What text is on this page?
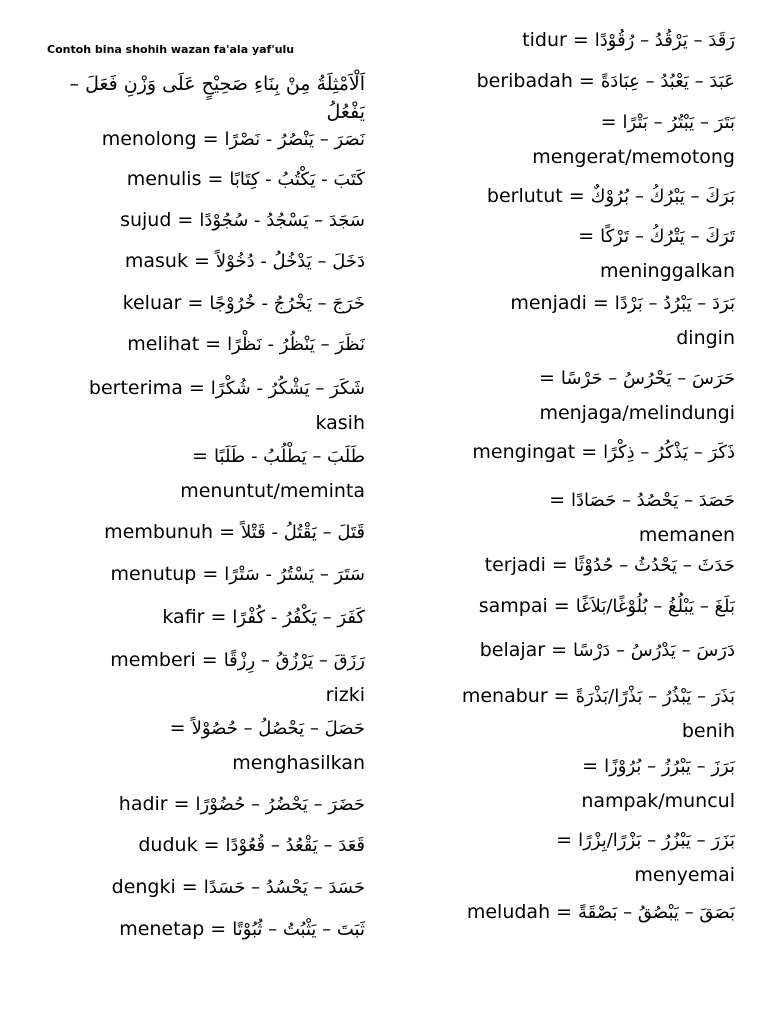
Contoh bina shohih wazan fa'ala yaf'ulu
اَلْاَمْثِلَةُ مِنْ بِنَاءِ صَحِيْحٍ عَلَى وَزْنِ فَعَلَ – يَفْعُلُ
menolong = نَصَرَ – يَنْصُرُ - نَصْرًا
menulis = كَتَبَ - يَكْتُبُ - كِتَابًا
sujud = سَجَدَ – يَسْجُدُ - سُجُوْدًا
masuk = دَخَلَ – يَدْخُلُ - دُخُوْلاً
keluar = خَرَجَ – يَخْرُجُ - خُرُوْجًا
melihat = نَظَرَ – يَنْظُرُ - نَظْرًا
berterima = شَكَرَ – يَشْكُرُ - شُكْرًا
kasih
= طَلَبَ – يَطْلُبُ - طَلَبًا
menuntut/meminta
membunuh = قَتَلَ – يَقْتُلُ - قَتْلاً
menutup = سَتَرَ – يَسْتُرُ - سَتْرًا
kafir = كَفَرَ – يَكْفُرُ - كُفْرًا
memberi = رَزَقَ – يَرْزُقُ – رِزْقًا
rizki
= حَصَلَ – يَحْصُلُ – حُصُوْلاً
menghasilkan
hadir = حَضَرَ – يَحْضُرُ – حُضُوْرًا
duduk = قَعَدَ – يَقْعُدُ – قُعُوْدًا
dengki = حَسَدَ – يَحْسُدُ – حَسَدًا
menetap = ثَبَتَ – يَثْبُتُ – ثُبُوْتًا
tidur = رَقَدَ – يَرْقُدُ – رُقُوْدًا
beribadah = عَبَدَ – يَعْبُدُ – عِبَادَةً
= بَتَرَ – يَبْتُرُ – بَتْرًا
mengerat/memotong
berlutut = بَرَكَ – يَبْرُكُ – بُرُوْكٌ
= تَرَكَ – يَتْرُكُ – تَرْكًا
meninggalkan
menjadi = بَرَدَ – يَبْرُدُ – بَرْدًا
dingin
= حَرَسَ – يَحْرُسُ – حَرْسًا
menjaga/melindungi
mengingat = ذَكَرَ – يَذْكُرُ – ذِكْرًا
= حَصَدَ – يَحْصُدُ – حَصَادًا
memanen
terjadi = حَدَثَ – يَحْدُثُ – حُدُوْثًا
sampai = بَلَغَ – يَبْلُغُ – بُلُوْغًا/بَلاَغًا
belajar = دَرَسَ – يَدْرُسُ – دَرْسًا
menabur = بَذَرَ – يَبْذُرُ – بَذْرًا/بَذْرَةً
benih
= بَرَزَ – يَبْرُزُ – بُرُوْزًا
nampak/muncul
= بَزَرَ – يَبْزُرُ – بَزْرًا/بِزْرًا
menyemai
meludah = بَصَقَ – يَبْصُقُ – بَصْقَةً
